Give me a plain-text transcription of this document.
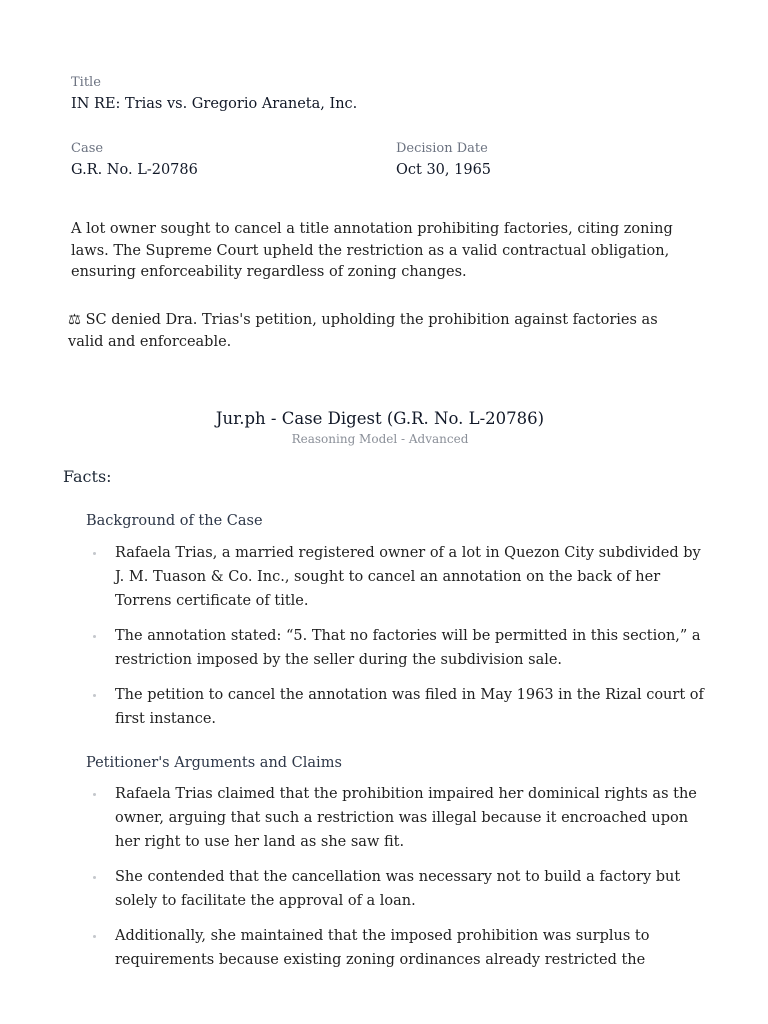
Title
IN RE: Trias vs. Gregorio Araneta, Inc.
Case
G.R. No. L-20786
Decision Date
Oct 30, 1965

A lot owner sought to cancel a title annotation prohibiting factories, citing zoning laws. The Supreme Court upheld the restriction as a valid contractual obligation, ensuring enforceability regardless of zoning changes.

⚖ SC denied Dra. Trias's petition, upholding the prohibition against factories as valid and enforceable.

Jur.ph - Case Digest (G.R. No. L-20786)
Reasoning Model - Advanced
Facts:
Background of the Case
Rafaela Trias, a married registered owner of a lot in Quezon City subdivided by J. M. Tuason & Co. Inc., sought to cancel an annotation on the back of her Torrens certificate of title.
The annotation stated: “5. That no factories will be permitted in this section,” a restriction imposed by the seller during the subdivision sale.
The petition to cancel the annotation was filed in May 1963 in the Rizal court of first instance.
Petitioner's Arguments and Claims
Rafaela Trias claimed that the prohibition impaired her dominical rights as the owner, arguing that such a restriction was illegal because it encroached upon her right to use her land as she saw fit.
She contended that the cancellation was necessary not to build a factory but solely to facilitate the approval of a loan.
Additionally, she maintained that the imposed prohibition was surplus to requirements because existing zoning ordinances already restricted the
